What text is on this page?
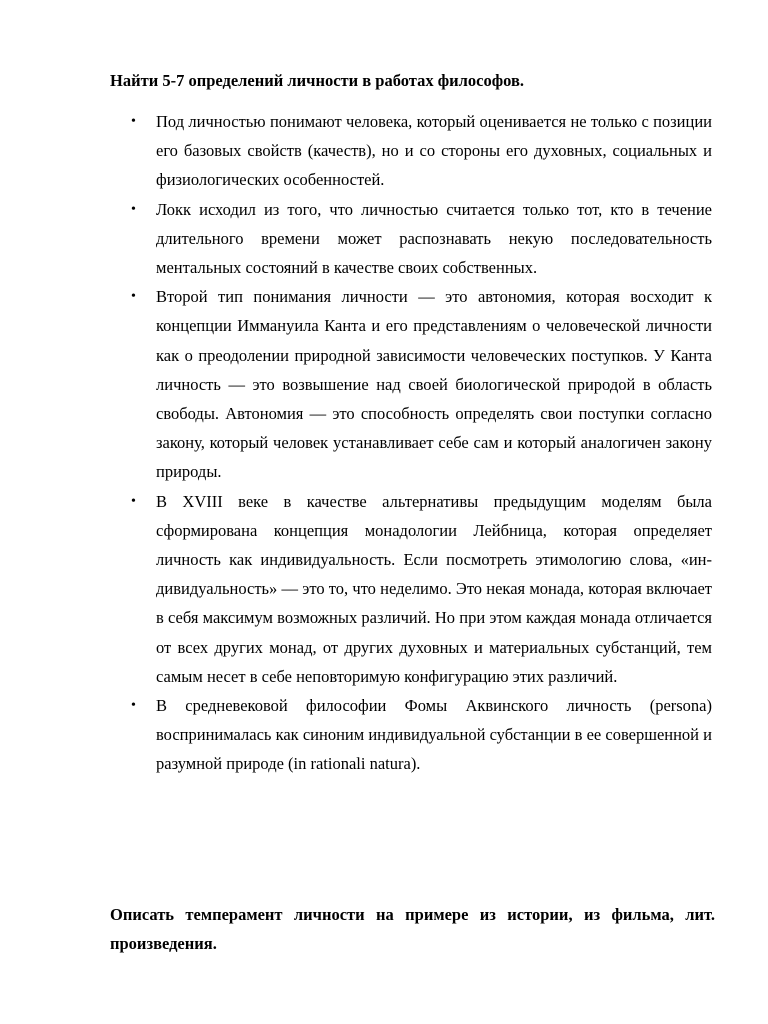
Найти 5-7 определений личности в работах философов.
• Под личностью понимают человека, который оценивается не только с позиции его базовых свойств (качеств), но и со стороны его духовных, социальных и физиологических особенностей.
• Локк исходил из того, что личностью считается только тот, кто в течение длительного времени может распознавать некую последовательность ментальных состояний в качестве своих собственных.
• Второй тип понимания личности — это автономия, которая восходит к концепции Иммануила Канта и его представлениям о человеческой личности как о преодолении природной зависимости человеческих поступков. У Канта личность — это возвышение над своей биологической природой в область свободы. Автономия — это способность определять свои поступки согласно закону, который человек устанавливает себе сам и который аналогичен закону природы.
• В XVIII веке в качестве альтернативы предыдущим моделям была сформирована концепция монадологии Лейбница, которая определяет личность как индивидуальность. Если посмотреть этимологию слова, «ин-дивидуальность» — это то, что неделимо. Это некая монада, которая включает в себя максимум возможных различий. Но при этом каждая монада отличается от всех других монад, от других духовных и материальных субстанций, тем самым несет в себе неповторимую конфигурацию этих различий.
• В средневековой философии Фомы Аквинского личность (persona) воспринималась как синоним индивидуальной субстанции в ее совершенной и разумной природе (in rationali natura).
Описать темперамент личности на примере из истории, из фильма, лит. произведения.
